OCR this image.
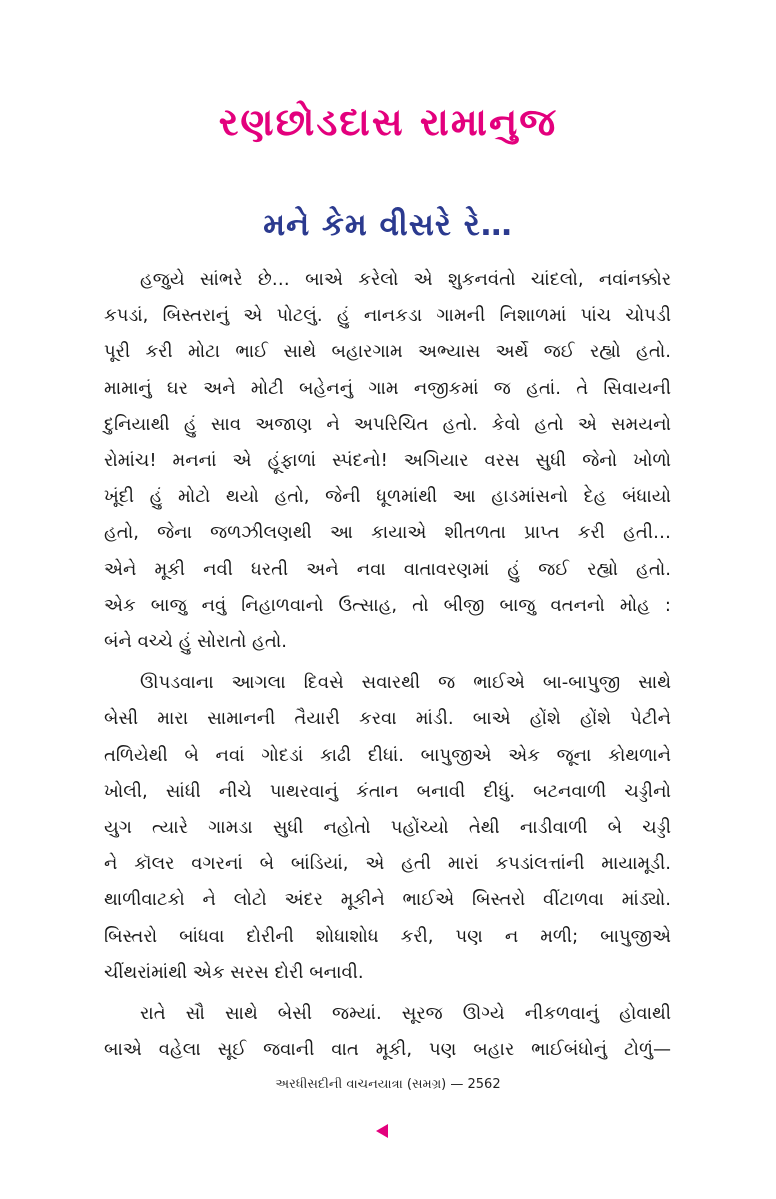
રણછોડદાસ રામાનુજ
મને કેમ વીસરે રે…
હજુયે સાંભરે છે… બાએ કરેલો એ શુકનવંતો ચાંદલો, નવાંનક્કોર
કપડાં, બિસ્તરાનું એ પોટલું. હું નાનકડા ગામની નિશાળમાં પાંચ ચોપડી
પૂરી કરી મોટા ભાઈ સાથે બહારગામ અભ્યાસ અર્થે જઈ રહ્યો હતો.
મામાનું ઘર અને મોટી બહેનનું ગામ નજીકમાં જ હતાં. તે સિવાયની
દુનિયાથી હું સાવ અજાણ ને અપરિચિત હતો. કેવો હતો એ સમયનો
રોમાંચ! મનનાં એ હૂંફાળાં સ્પંદનો! અગિયાર વરસ સુધી જેનો ખોળો
ખૂંદી હું મોટો થયો હતો, જેની ધૂળમાંથી આ હાડમાંસનો દેહ બંધાયો
હતો, જેના જળઝીલણથી આ કાયાએ શીતળતા પ્રાપ્ત કરી હતી…
એને મૂકી નવી ધરતી અને નવા વાતાવરણમાં હું જઈ રહ્યો હતો.
એક બાજુ નવું નિહાળવાનો ઉત્સાહ, તો બીજી બાજુ વતનનો મોહ :
બંને વચ્ચે હું સોરાતો હતો.
ઊપડવાના આગલા દિવસે સવારથી જ ભાઈએ બા-બાપુજી સાથે
બેસી મારા સામાનની તૈયારી કરવા માંડી. બાએ હોંશે હોંશે પેટીને
તળિયેથી બે નવાં ગોદડાં કાઢી દીધાં. બાપુજીએ એક જૂના કોથળાને
ખોલી, સાંધી નીચે પાથરવાનું કંતાન બનાવી દીધું. બટનવાળી ચડ્ડીનો
યુગ ત્યારે ગામડા સુધી નહોતો પહોંચ્યો તેથી નાડીવાળી બે ચડ્ડી
ને કૉલર વગરનાં બે બાંડિયાં, એ હતી મારાં કપડાંલત્તાંની માયામૂડી.
થાળીવાટકો ને લોટો અંદર મૂકીને ભાઈએ બિસ્તરો વીંટાળવા માંડ્યો.
બિસ્તરો બાંધવા દોરીની શોધાશોધ કરી, પણ ન મળી; બાપુજીએ
ચીંથરાંમાંથી એક સરસ દોરી બનાવી.
રાતે સૌ સાથે બેસી જમ્યાં. સૂરજ ઊગ્યે નીકળવાનું હોવાથી
બાએ વહેલા સૂઈ જવાની વાત મૂકી, પણ બહાર ભાઈબંધોનું ટોળું—
અરધીસદીની વાચનયાત્રા (સમગ્ર) — 2562
